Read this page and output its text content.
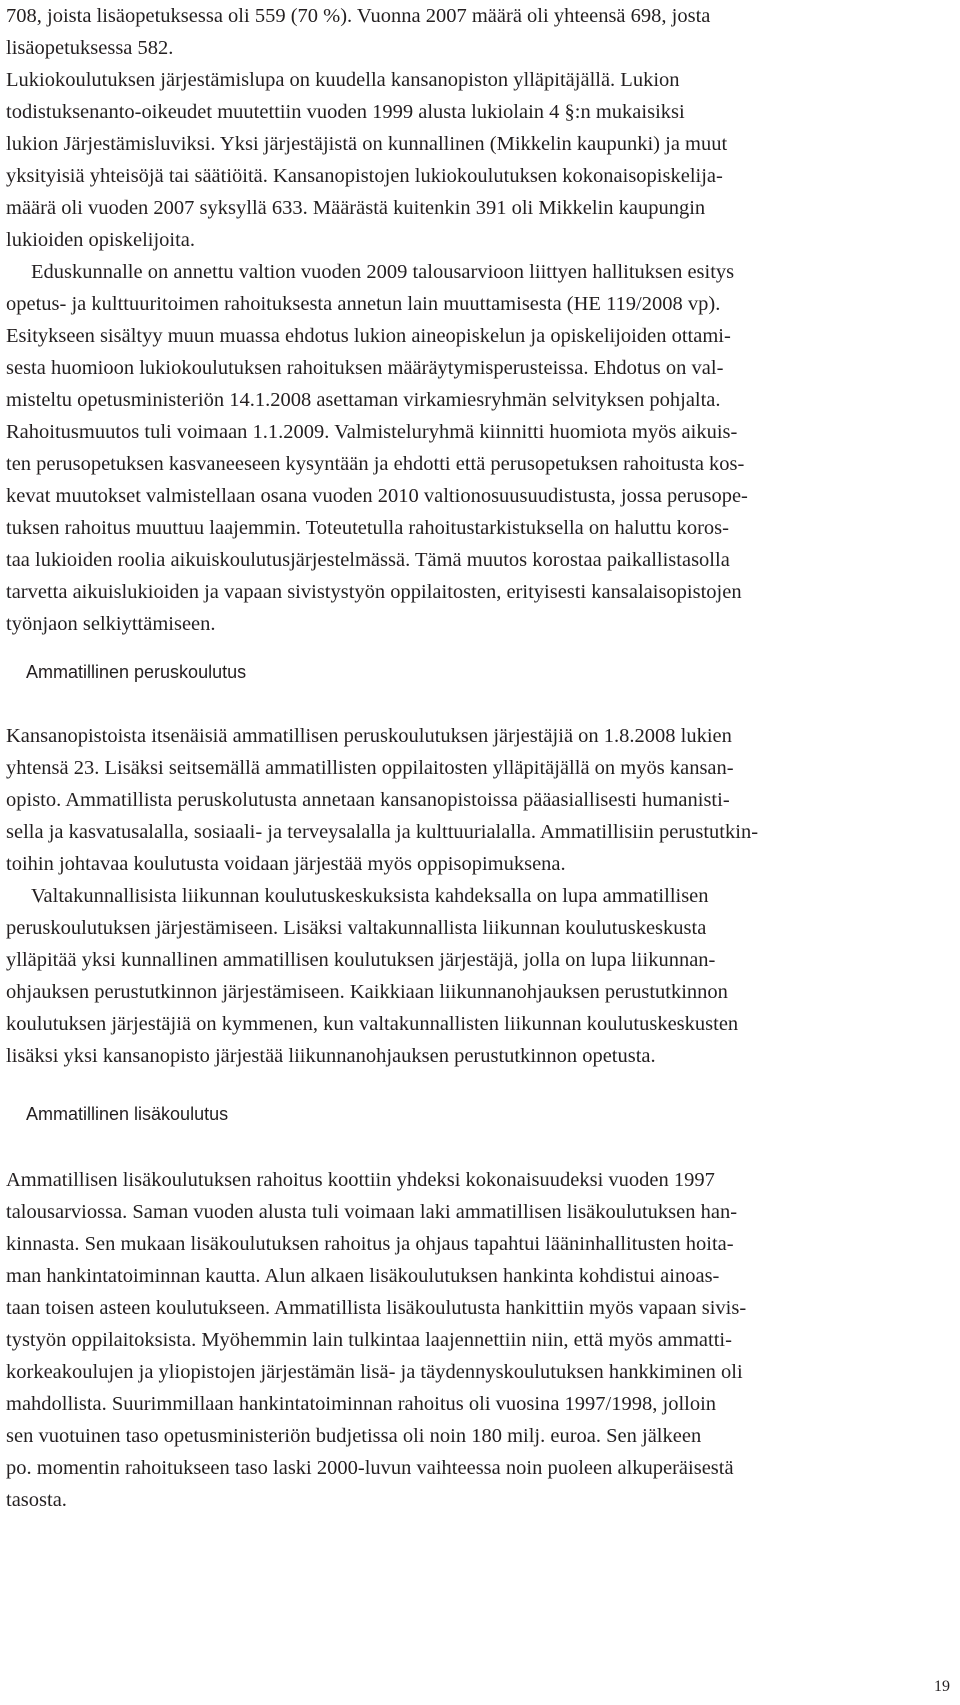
708, joista lisäopetuksessa oli 559 (70 %). Vuonna 2007 määrä oli yhteensä 698, josta
lisäopetuksessa 582.
Lukiokoulutuksen järjestämislupa on kuudella kansanopiston ylläpitäjällä. Lukion
todistuksenanto-oikeudet muutettiin vuoden 1999 alusta lukiolain 4 §:n mukaisiksi
lukion Järjestämisluviksi. Yksi järjestäjistä on kunnallinen (Mikkelin kaupunki) ja muut
yksityisiä yhteisöjä tai säätiöitä. Kansanopistojen lukiokoulutuksen kokonaisopiskelija-
määrä oli vuoden 2007 syksyllä 633. Määrästä kuitenkin 391 oli Mikkelin kaupungin
lukioiden opiskelijoita.
Eduskunnalle on annettu valtion vuoden 2009 talousarvioon liittyen hallituksen esitys
opetus- ja kulttuuritoimen rahoituksesta annetun lain muuttamisesta (HE 119/2008 vp).
Esitykseen sisältyy muun muassa ehdotus lukion aineopiskelun ja opiskelijoiden ottami-
sesta huomioon lukiokoulutuksen rahoituksen määräytymisperusteissa. Ehdotus on val-
misteltu opetusministeriön 14.1.2008 asettaman virkamiesryhmän selvityksen pohjalta.
Rahoitusmuutos tuli voimaan 1.1.2009. Valmisteluryhmä kiinnitti huomiota myös aikuis-
ten perusopetuksen kasvaneeseen kysyntään ja ehdotti että perusopetuksen rahoitusta kos-
kevat muutokset valmistellaan osana vuoden 2010 valtionosuusuudistusta, jossa perusope-
tuksen rahoitus muuttuu laajemmin. Toteutetulla rahoitustarkistuksella on haluttu koros-
taa lukioiden roolia aikuiskoulutusjärjestelmässä. Tämä muutos korostaa paikallistasolla
tarvetta aikuislukioiden ja vapaan sivistystyön oppilaitosten, erityisesti kansalaisopistojen
työnjaon selkiyttämiseen.
Ammatillinen peruskoulutus
Kansanopistoista itsenäisiä ammatillisen peruskoulutuksen järjestäjiä on 1.8.2008 lukien
yhtensä 23. Lisäksi seitsemällä ammatillisten oppilaitosten ylläpitäjällä on myös kansan-
opisto. Ammatillista peruskolutusta annetaan kansanopistoissa pääasiallisesti humanisti-
sella ja kasvatusalalla, sosiaali- ja terveysalalla ja kulttuurialalla. Ammatillisiin perustutkin-
toihin johtavaa koulutusta voidaan järjestää myös oppisopimuksena.
Valtakunnallisista liikunnan koulutuskeskuksista kahdeksalla on lupa ammatillisen
peruskoulutuksen järjestämiseen. Lisäksi valtakunnallista liikunnan koulutuskeskusta
ylläpitää yksi kunnallinen ammatillisen koulutuksen järjestäjä, jolla on lupa liikunnan-
ohjauksen perustutkinnon järjestämiseen. Kaikkiaan liikunnanohjauksen perustutkinnon
koulutuksen järjestäjiä on kymmenen, kun valtakunnallisten liikunnan koulutuskeskusten
lisäksi yksi kansanopisto järjestää liikunnanohjauksen perustutkinnon opetusta.
Ammatillinen lisäkoulutus
Ammatillisen lisäkoulutuksen rahoitus koottiin yhdeksi kokonaisuudeksi vuoden 1997
talousarviossa. Saman vuoden alusta tuli voimaan laki ammatillisen lisäkoulutuksen han-
kinnasta. Sen mukaan lisäkoulutuksen rahoitus ja ohjaus tapahtui lääninhallitusten hoita-
man hankintatoiminnan kautta. Alun alkaen lisäkoulutuksen hankinta kohdistui ainoas-
taan toisen asteen koulutukseen. Ammatillista lisäkoulutusta hankittiin myös vapaan sivis-
tystyön oppilaitoksista. Myöhemmin lain tulkintaa laajennettiin niin, että myös ammatti-
korkeakoulujen ja yliopistojen järjestämän lisä- ja täydennyskoulutuksen hankkiminen oli
mahdollista. Suurimmillaan hankintatoiminnan rahoitus oli vuosina 1997/1998, jolloin
sen vuotuinen taso opetusministeriön budjetissa oli noin 180 milj. euroa. Sen jälkeen
po. momentin rahoitukseen taso laski 2000-luvun vaihteessa noin puoleen alkuperäisestä
tasosta.
19
